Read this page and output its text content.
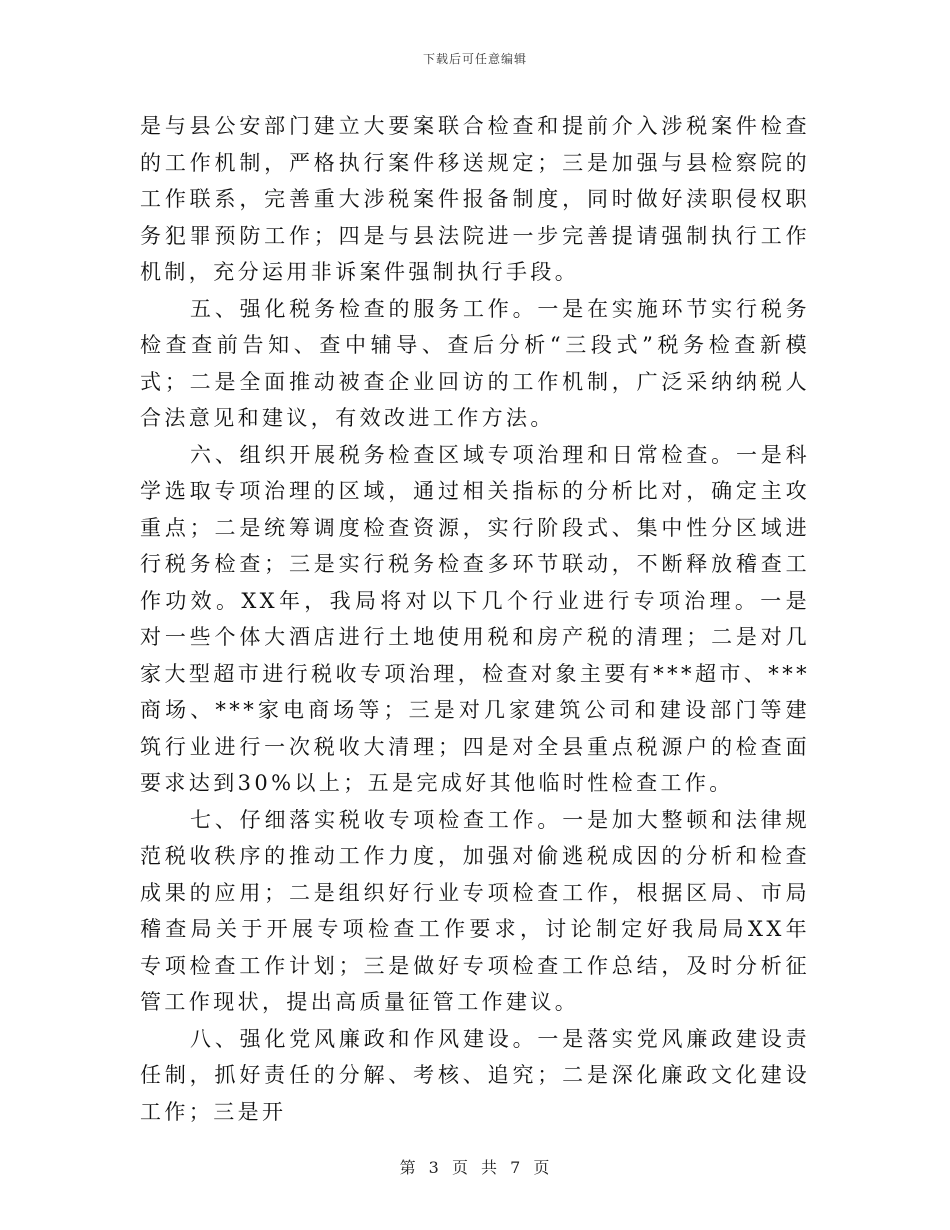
下载后可任意编辑

是与县公安部门建立大要案联合检查和提前介入涉税案件检查的工作机制，严格执行案件移送规定；三是加强与县检察院的工作联系，完善重大涉税案件报备制度，同时做好渎职侵权职务犯罪预防工作；四是与县法院进一步完善提请强制执行工作机制，充分运用非诉案件强制执行手段。

五、强化税务检查的服务工作。一是在实施环节实行税务检查查前告知、查中辅导、查后分析“三段式”税务检查新模式；二是全面推动被查企业回访的工作机制，广泛采纳纳税人合法意见和建议，有效改进工作方法。

六、组织开展税务检查区域专项治理和日常检查。一是科学选取专项治理的区域，通过相关指标的分析比对，确定主攻重点；二是统筹调度检查资源，实行阶段式、集中性分区域进行税务检查；三是实行税务检查多环节联动，不断释放稽查工作功效。XX年，我局将对以下几个行业进行专项治理。一是对一些个体大酒店进行土地使用税和房产税的清理；二是对几家大型超市进行税收专项治理，检查对象主要有***超市、***商场、***家电商场等；三是对几家建筑公司和建设部门等建筑行业进行一次税收大清理；四是对全县重点税源户的检查面要求达到30%以上；五是完成好其他临时性检查工作。

七、仔细落实税收专项检查工作。一是加大整顿和法律规范税收秩序的推动工作力度，加强对偷逃税成因的分析和检查成果的应用；二是组织好行业专项检查工作，根据区局、市局稽查局关于开展专项检查工作要求，讨论制定好我局局XX年专项检查工作计划；三是做好专项检查工作总结，及时分析征管工作现状，提出高质量征管工作建议。

八、强化党风廉政和作风建设。一是落实党风廉政建设责任制，抓好责任的分解、考核、追究；二是深化廉政文化建设工作；三是开

第 3 页 共 7 页
